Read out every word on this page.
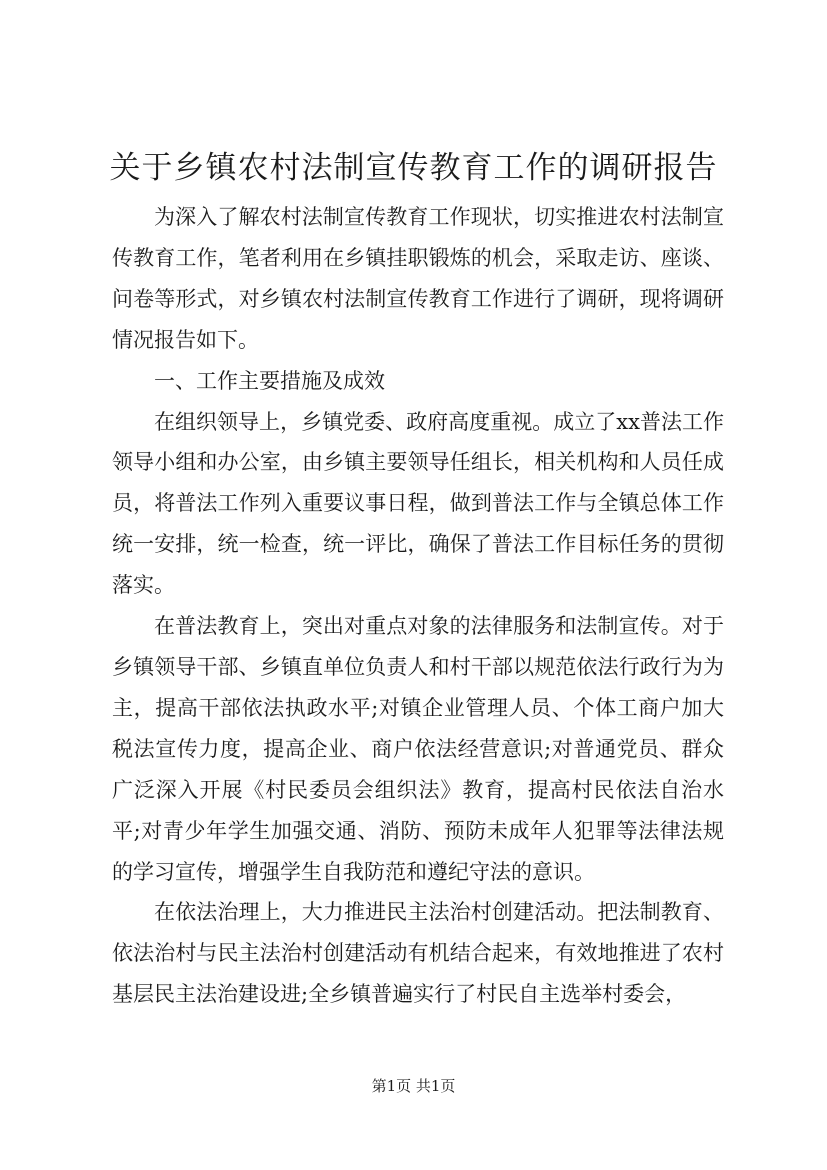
关于乡镇农村法制宣传教育工作的调研报告

为深入了解农村法制宣传教育工作现状，切实推进农村法制宣传教育工作，笔者利用在乡镇挂职锻炼的机会，采取走访、座谈、问卷等形式，对乡镇农村法制宣传教育工作进行了调研，现将调研情况报告如下。

一、工作主要措施及成效

在组织领导上，乡镇党委、政府高度重视。成立了xx普法工作领导小组和办公室，由乡镇主要领导任组长，相关机构和人员任成员，将普法工作列入重要议事日程，做到普法工作与全镇总体工作统一安排，统一检查，统一评比，确保了普法工作目标任务的贯彻落实。

在普法教育上，突出对重点对象的法律服务和法制宣传。对于乡镇领导干部、乡镇直单位负责人和村干部以规范依法行政行为为主，提高干部依法执政水平;对镇企业管理人员、个体工商户加大税法宣传力度，提高企业、商户依法经营意识;对普通党员、群众广泛深入开展《村民委员会组织法》教育，提高村民依法自治水平;对青少年学生加强交通、消防、预防未成年人犯罪等法律法规的学习宣传，增强学生自我防范和遵纪守法的意识。

在依法治理上，大力推进民主法治村创建活动。把法制教育、依法治村与民主法治村创建活动有机结合起来，有效地推进了农村基层民主法治建设进;全乡镇普遍实行了村民自主选举村委会，

第1页 共1页
